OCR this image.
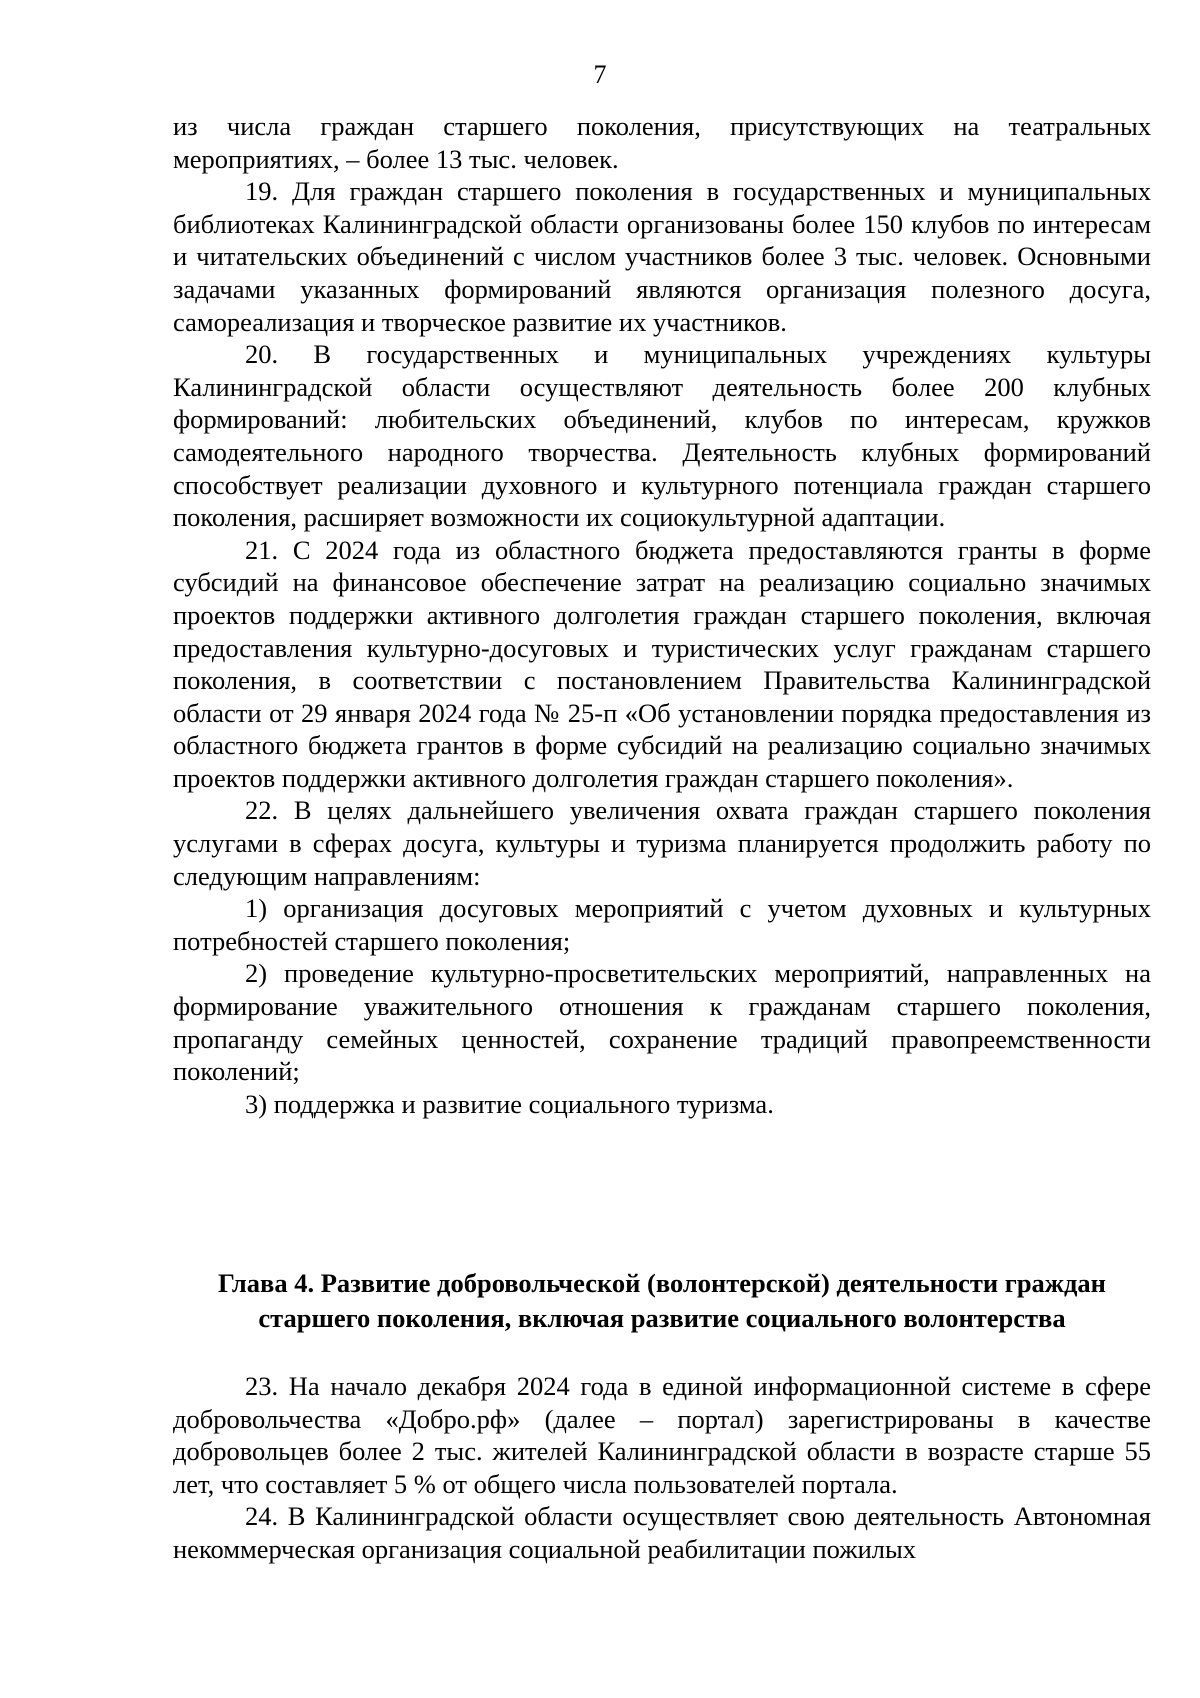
7

из числа граждан старшего поколения, присутствующих на театральных мероприятиях, – более 13 тыс. человек.

19. Для граждан старшего поколения в государственных и муниципальных библиотеках Калининградской области организованы более 150 клубов по интересам и читательских объединений с числом участников более 3 тыс. человек. Основными задачами указанных формирований являются организация полезного досуга, самореализация и творческое развитие их участников.

20. В государственных и муниципальных учреждениях культуры Калининградской области осуществляют деятельность более 200 клубных формирований: любительских объединений, клубов по интересам, кружков самодеятельного народного творчества. Деятельность клубных формирований способствует реализации духовного и культурного потенциала граждан старшего поколения, расширяет возможности их социокультурной адаптации.

21. С 2024 года из областного бюджета предоставляются гранты в форме субсидий на финансовое обеспечение затрат на реализацию социально значимых проектов поддержки активного долголетия граждан старшего поколения, включая предоставления культурно-досуговых и туристических услуг гражданам старшего поколения, в соответствии с постановлением Правительства Калининградской области от 29 января 2024 года № 25-п «Об установлении порядка предоставления из областного бюджета грантов в форме субсидий на реализацию социально значимых проектов поддержки активного долголетия граждан старшего поколения».

22. В целях дальнейшего увеличения охвата граждан старшего поколения услугами в сферах досуга, культуры и туризма планируется продолжить работу по следующим направлениям:

1) организация досуговых мероприятий с учетом духовных и культурных потребностей старшего поколения;

2) проведение культурно-просветительских мероприятий, направленных на формирование уважительного отношения к гражданам старшего поколения, пропаганду семейных ценностей, сохранение традиций правопреемственности поколений;

3) поддержка и развитие социального туризма.

Глава 4. Развитие добровольческой (волонтерской) деятельности граждан
старшего поколения, включая развитие социального волонтерства

23. На начало декабря 2024 года в единой информационной системе в сфере добровольчества «Добро.рф» (далее – портал) зарегистрированы в качестве добровольцев более 2 тыс. жителей Калининградской области в возрасте старше 55 лет, что составляет 5 % от общего числа пользователей портала.

24. В Калининградской области осуществляет свою деятельность Автономная некоммерческая организация социальной реабилитации пожилых
